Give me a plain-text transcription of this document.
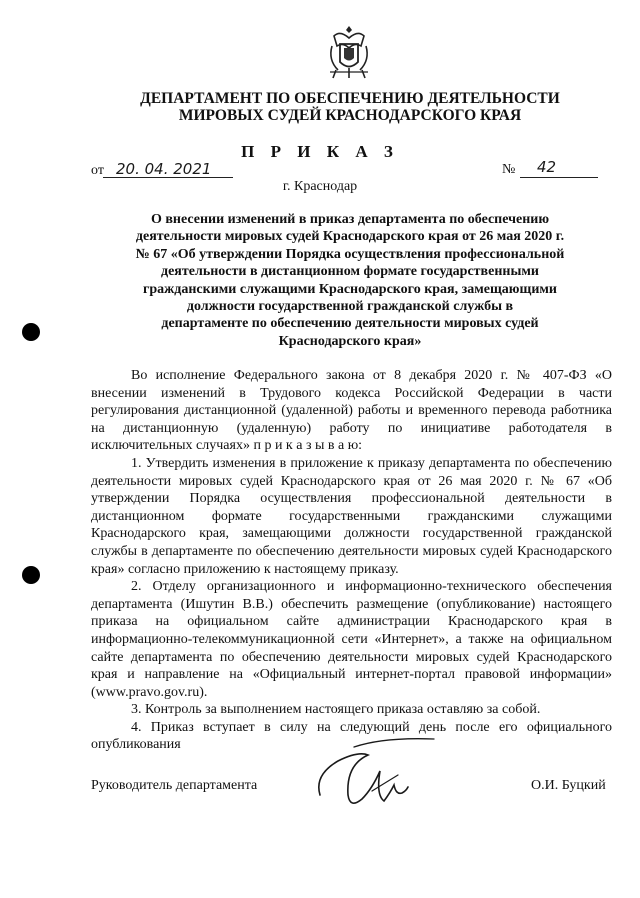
ДЕПАРТАМЕНТ ПО ОБЕСПЕЧЕНИЮ ДЕЯТЕЛЬНОСТИ
МИРОВЫХ СУДЕЙ КРАСНОДАРСКОГО КРАЯ
П Р И К А З
от 20. 04. 2021	№ 42
г. Краснодар
О внесении изменений в приказ департамента по обеспечению
деятельности мировых судей Краснодарского края от 26 мая 2020 г.
№ 67 «Об утверждении Порядка осуществления профессиональной
деятельности в дистанционном формате государственными
гражданскими служащими Краснодарского края, замещающими
должности государственной гражданской службы в
департаменте по обеспечению деятельности мировых судей
Краснодарского края»

Во исполнение Федерального закона от 8 декабря 2020 г. № 407-ФЗ «О внесении изменений в Трудового кодекса Российской Федерации в части регулирования дистанционной (удаленной) работы и временного перевода работника на дистанционную (удаленную) работу по инициативе работодателя в исключительных случаях» п р и к а з ы в а ю:

1. Утвердить изменения в приложение к приказу департамента по обеспечению деятельности мировых судей Краснодарского края от 26 мая 2020 г. № 67 «Об утверждении Порядка осуществления профессиональной деятельности в дистанционном формате государственными гражданскими служащими Краснодарского края, замещающими должности государственной гражданской службы в департаменте по обеспечению деятельности мировых судей Краснодарского края» согласно приложению к настоящему приказу.

2. Отделу организационного и информационно-технического обеспечения департамента (Ишутин В.В.) обеспечить размещение (опубликование) настоящего приказа на официальном сайте администрации Краснодарского края в информационно-телекоммуникационной сети «Интернет», а также на официальном сайте департамента по обеспечению деятельности мировых судей Краснодарского края и направление на «Официальный интернет-портал правовой информации» (www.pravo.gov.ru).

3. Контроль за выполнением настоящего приказа оставляю за собой.

4. Приказ вступает в силу на следующий день после его официального опубликования

Руководитель департамента	О.И. Буцкий
